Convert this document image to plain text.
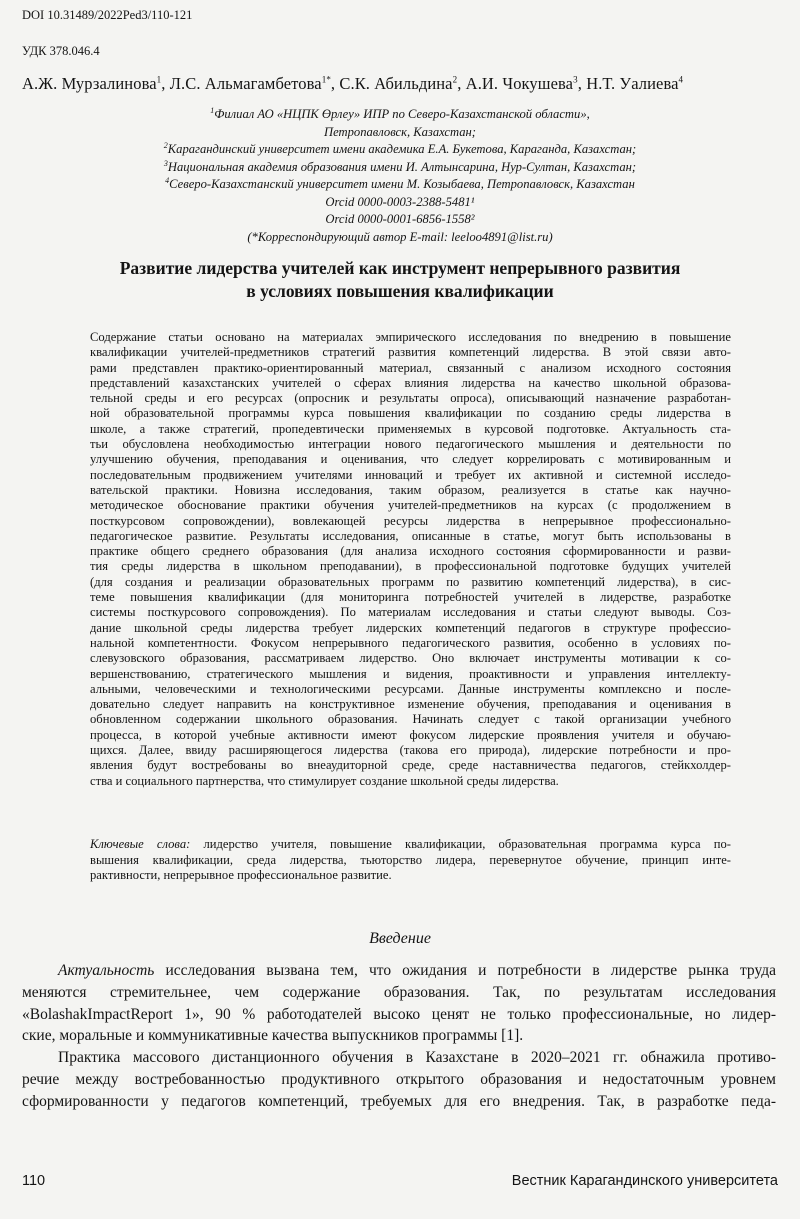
DOI 10.31489/2022Ped3/110-121
УДК 378.046.4
А.Ж. Мурзалинова$^1$, Л.С. Альмагамбетова$^{1*}$, С.К. Абильдина$^2$, А.И. Чокушева$^3$, Н.Т. Уалиева$^4$
$^1$Филиал АО «НЦПК Өрлеу» ИПР по Северо-Казахстанской области»,
Петропавловск, Казахстан;
$^2$Карагандинский университет имени академика Е.А. Букетова, Караганда, Казахстан;
$^3$Национальная академия образования имени И. Алтынсарина, Нур-Султан, Казахстан;
$^4$Северо-Казахстанский университет имени М. Козыбаева, Петропавловск, Казахстан
Orcid 0000-0003-2388-5481¹
Orcid 0000-0001-6856-1558²
(*Корреспондирующий автор E-mail: leeloo4891@list.ru)
Развитие лидерства учителей как инструмент непрерывного развития
в условиях повышения квалификации
Содержание статьи основано на материалах эмпирического исследования по внедрению в повышение
квалификации учителей-предметников стратегий развития компетенций лидерства. В этой связи авто-
рами представлен практико-ориентированный материал, связанный с анализом исходного состояния
представлений казахстанских учителей о сферах влияния лидерства на качество школьной образова-
тельной среды и его ресурсах (опросник и результаты опроса), описывающий назначение разработан-
ной образовательной программы курса повышения квалификации по созданию среды лидерства в
школе, а также стратегий, пропедевтически применяемых в курсовой подготовке. Актуальность ста-
тьи обусловлена необходимостью интеграции нового педагогического мышления и деятельности по
улучшению обучения, преподавания и оценивания, что следует коррелировать с мотивированным и
последовательным продвижением учителями инноваций и требует их активной и системной исследо-
вательской практики. Новизна исследования, таким образом, реализуется в статье как научно-
методическое обоснование практики обучения учителей-предметников на курсах (с продолжением в
посткурсовом сопровождении), вовлекающей ресурсы лидерства в непрерывное профессионально-
педагогическое развитие. Результаты исследования, описанные в статье, могут быть использованы в
практике общего среднего образования (для анализа исходного состояния сформированности и разви-
тия среды лидерства в школьном преподавании), в профессиональной подготовке будущих учителей
(для создания и реализации образовательных программ по развитию компетенций лидерства), в сис-
теме повышения квалификации (для мониторинга потребностей учителей в лидерстве, разработке
системы посткурсового сопровождения). По материалам исследования и статьи следуют выводы. Соз-
дание школьной среды лидерства требует лидерских компетенций педагогов в структуре профессио-
нальной компетентности. Фокусом непрерывного педагогического развития, особенно в условиях по-
слевузовского образования, рассматриваем лидерство. Оно включает инструменты мотивации к со-
вершенствованию, стратегического мышления и видения, проактивности и управления интеллекту-
альными, человеческими и технологическими ресурсами. Данные инструменты комплексно и после-
довательно следует направить на конструктивное изменение обучения, преподавания и оценивания в
обновленном содержании школьного образования. Начинать следует с такой организации учебного
процесса, в которой учебные активности имеют фокусом лидерские проявления учителя и обучаю-
щихся. Далее, ввиду расширяющегося лидерства (такова его природа), лидерские потребности и про-
явления будут востребованы во внеаудиторной среде, среде наставничества педагогов, стейкхолдер-
ства и социального партнерства, что стимулирует создание школьной среды лидерства.
Ключевые слова: лидерство учителя, повышение квалификации, образовательная программа курса по-
вышения квалификации, среда лидерства, тьюторство лидера, перевернутое обучение, принцип инте-
рактивности, непрерывное профессиональное развитие.
Введение
Актуальность исследования вызвана тем, что ожидания и потребности в лидерстве рынка труда
меняются стремительнее, чем содержание образования. Так, по результатам исследования
«BolashakImpactReport 1», 90 % работодателей высоко ценят не только профессиональные, но лидер-
ские, моральные и коммуникативные качества выпускников программы [1].
Практика массового дистанционного обучения в Казахстане в 2020–2021 гг. обнажила противо-
речие между востребованностью продуктивного открытого образования и недостаточным уровнем
сформированности у педагогов компетенций, требуемых для его внедрения. Так, в разработке педа-
110	Вестник Карагандинского университета
